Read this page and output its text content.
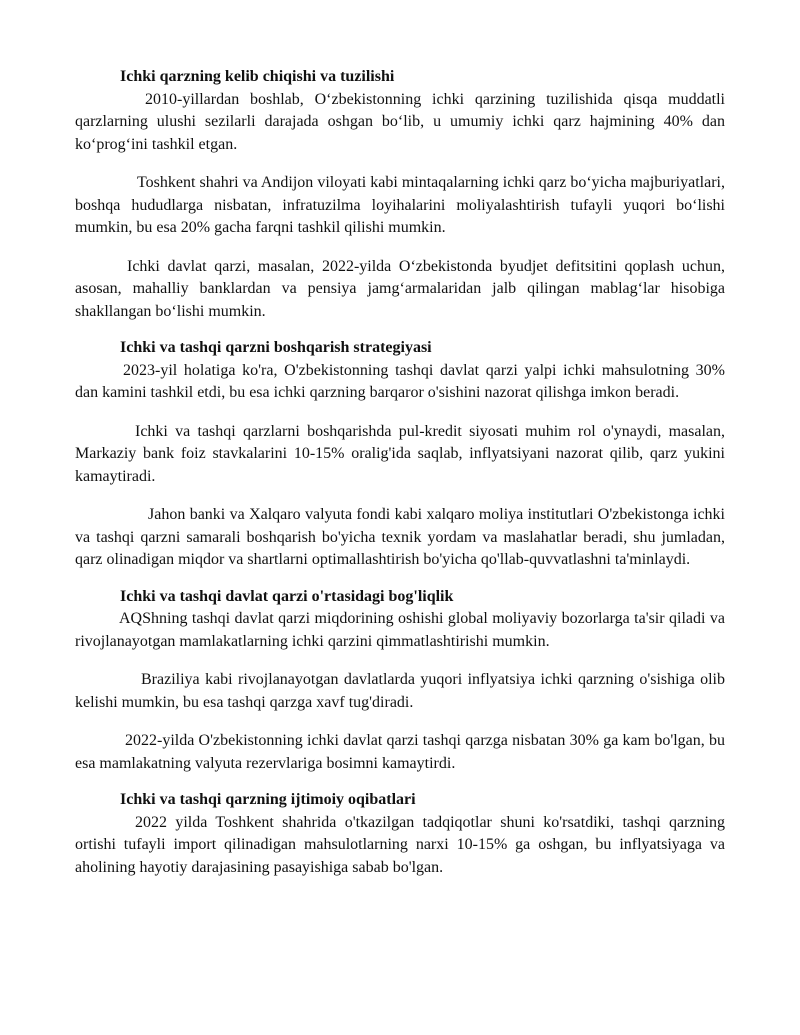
Ichki qarzning kelib chiqishi va tuzilishi

2010-yillardan boshlab, O‘zbekistonning ichki qarzining tuzilishida qisqa muddatli qarzlarning ulushi sezilarli darajada oshgan bo‘lib, u umumiy ichki qarz hajmining 40% dan ko‘prog‘ini tashkil etgan.

Toshkent shahri va Andijon viloyati kabi mintaqalarning ichki qarz bo‘yicha majburiyatlari, boshqa hududlarga nisbatan, infratuzilma loyihalarini moliyalashtirish tufayli yuqori bo‘lishi mumkin, bu esa 20% gacha farqni tashkil qilishi mumkin.

Ichki davlat qarzi, masalan, 2022-yilda O‘zbekistonda byudjet defitsitini qoplash uchun, asosan, mahalliy banklardan va pensiya jamg‘armalaridan jalb qilingan mablag‘lar hisobiga shakllangan bo‘lishi mumkin.

Ichki va tashqi qarzni boshqarish strategiyasi

2023-yil holatiga ko'ra, O'zbekistonning tashqi davlat qarzi yalpi ichki mahsulotning 30% dan kamini tashkil etdi, bu esa ichki qarzning barqaror o'sishini nazorat qilishga imkon beradi.

Ichki va tashqi qarzlarni boshqarishda pul-kredit siyosati muhim rol o'ynaydi, masalan, Markaziy bank foiz stavkalarini 10-15% oralig'ida saqlab, inflyatsiyani nazorat qilib, qarz yukini kamaytiradi.

Jahon banki va Xalqaro valyuta fondi kabi xalqaro moliya institutlari O'zbekistonga ichki va tashqi qarzni samarali boshqarish bo'yicha texnik yordam va maslahatlar beradi, shu jumladan, qarz olinadigan miqdor va shartlarni optimallashtirish bo'yicha qo'llab-quvvatlashni ta'minlaydi.

Ichki va tashqi davlat qarzi o'rtasidagi bog'liqlik

AQShning tashqi davlat qarzi miqdorining oshishi global moliyaviy bozorlarga ta'sir qiladi va rivojlanayotgan mamlakatlarning ichki qarzini qimmatlashtirishi mumkin.

Braziliya kabi rivojlanayotgan davlatlarda yuqori inflyatsiya ichki qarzning o'sishiga olib kelishi mumkin, bu esa tashqi qarzga xavf tug'diradi.

2022-yilda O'zbekistonning ichki davlat qarzi tashqi qarzga nisbatan 30% ga kam bo'lgan, bu esa mamlakatning valyuta rezervlariga bosimni kamaytirdi.

Ichki va tashqi qarzning ijtimoiy oqibatlari

2022 yilda Toshkent shahrida o'tkazilgan tadqiqotlar shuni ko'rsatdiki, tashqi qarzning ortishi tufayli import qilinadigan mahsulotlarning narxi 10-15% ga oshgan, bu inflyatsiyaga va aholining hayotiy darajasining pasayishiga sabab bo'lgan.
